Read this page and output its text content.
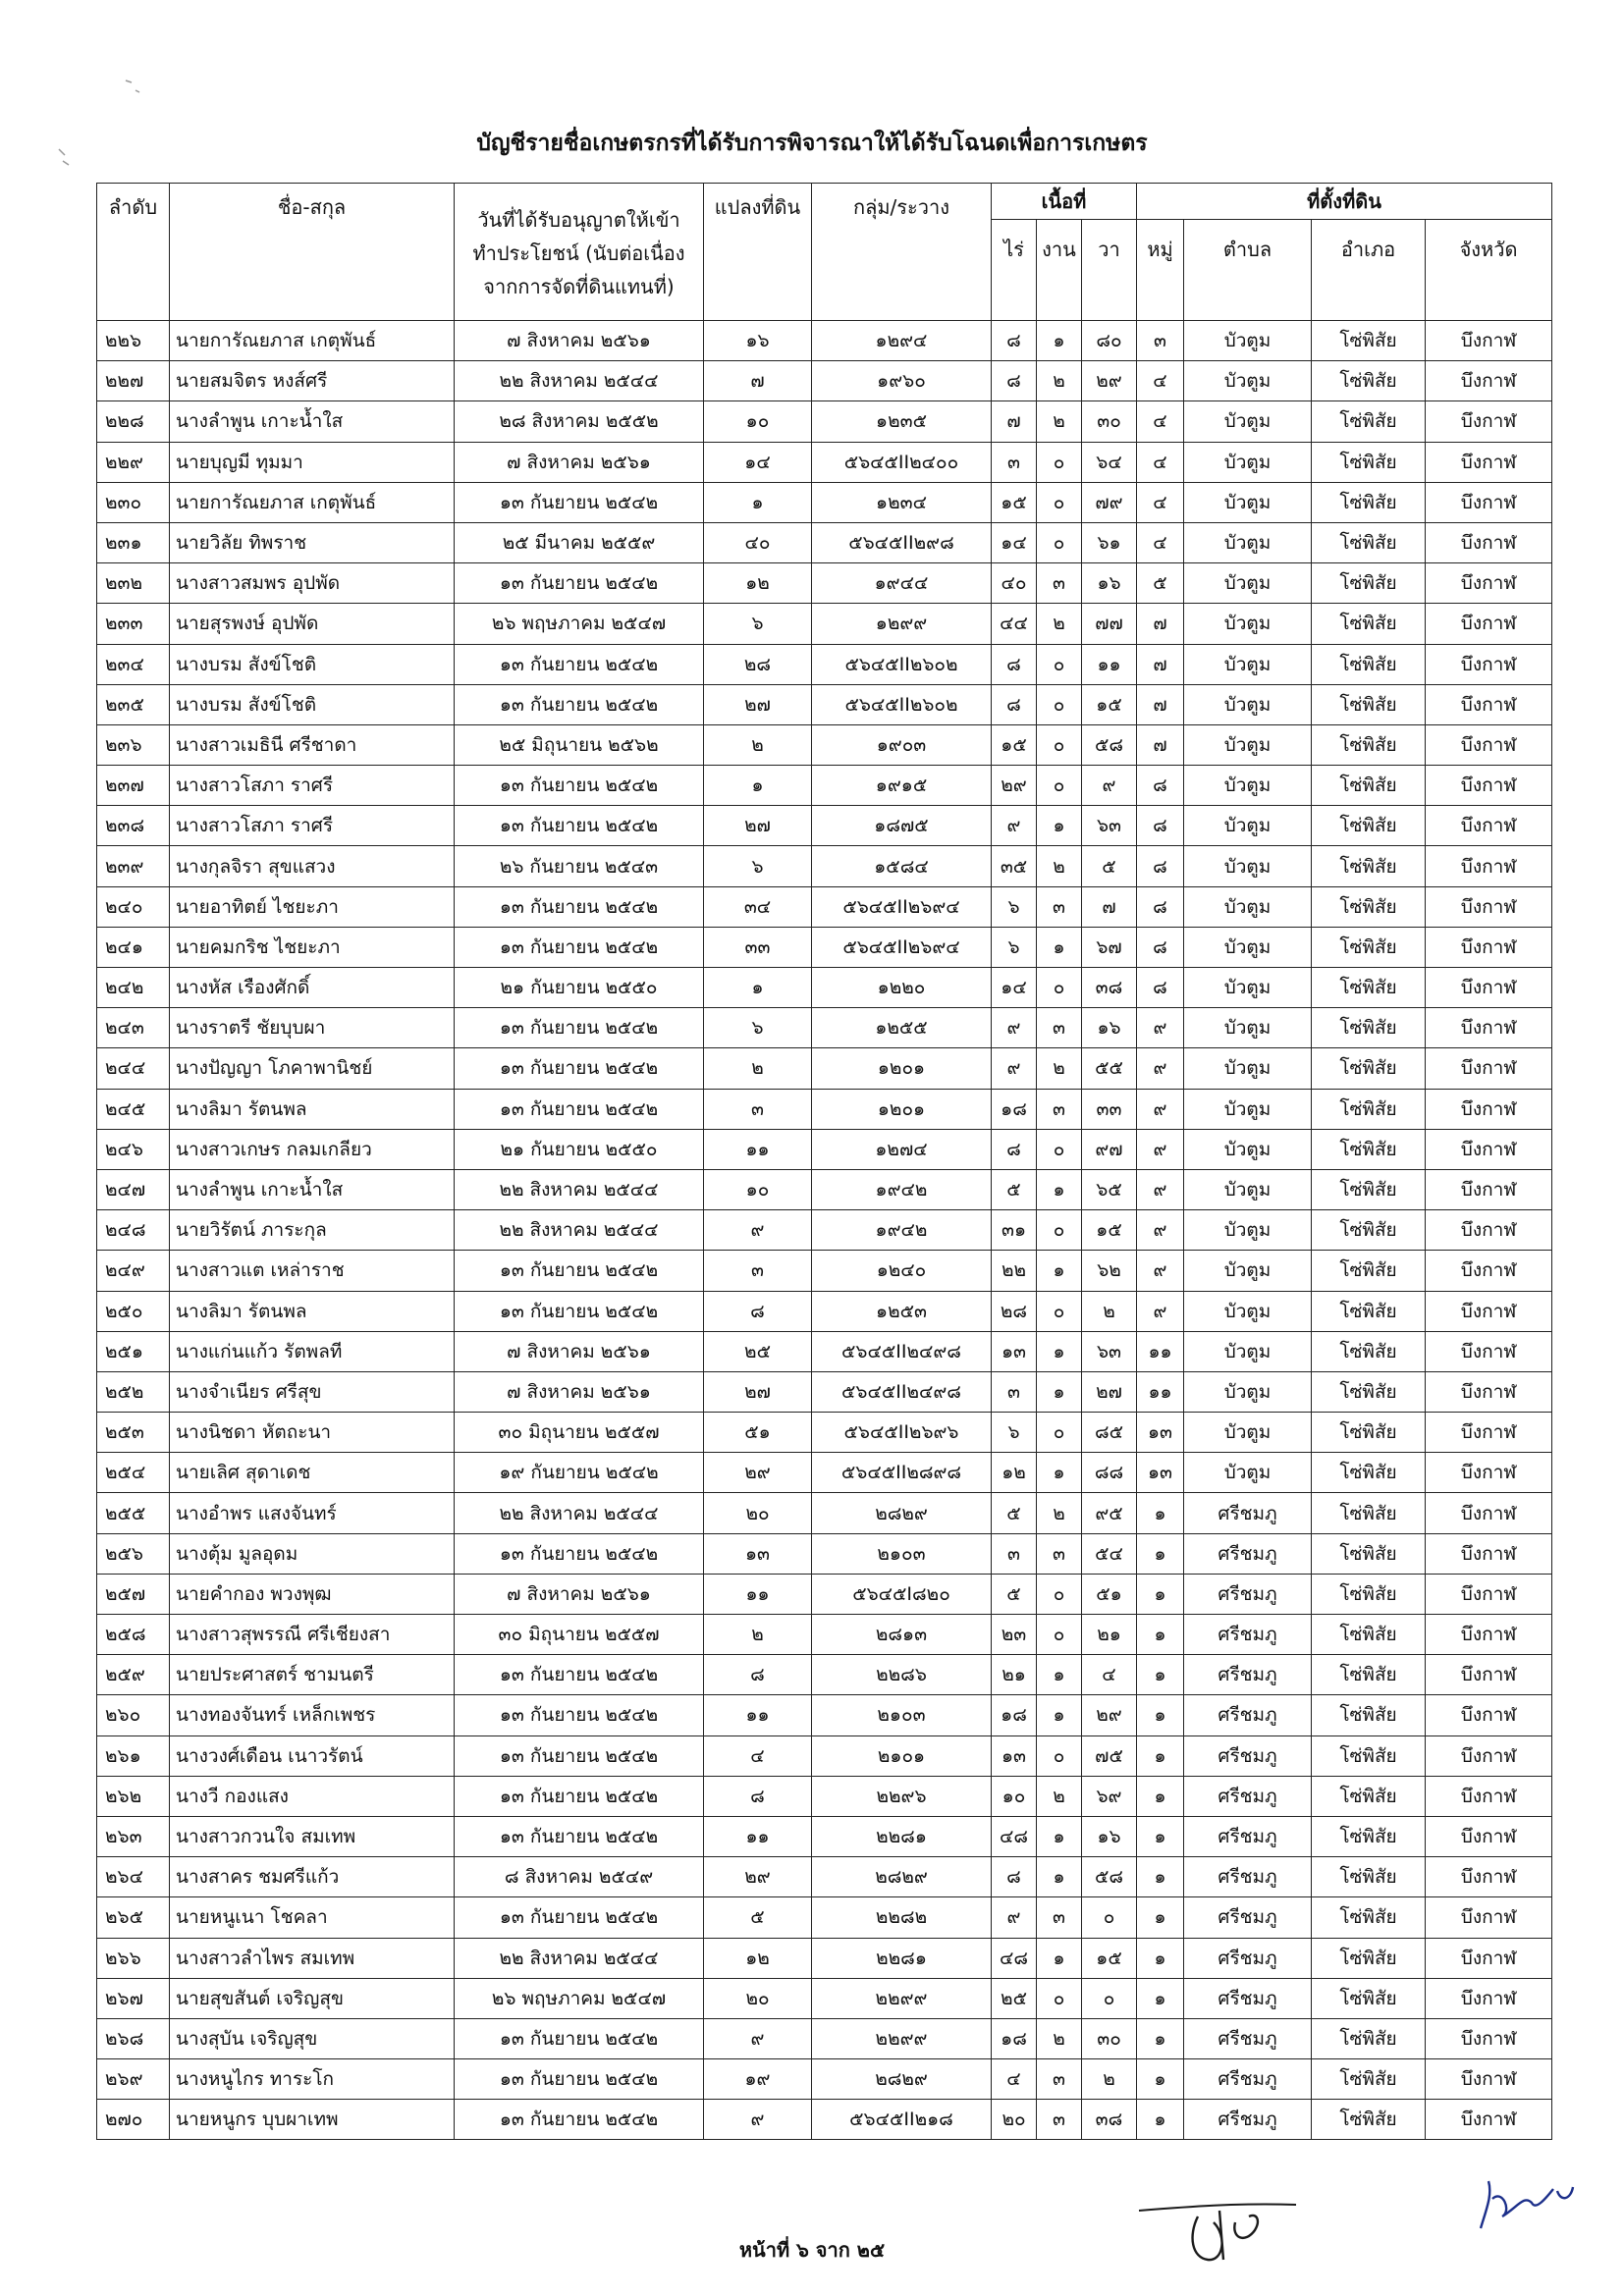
บัญชีรายชื่อเกษตรกรที่ได้รับการพิจารณาให้ได้รับโฉนดเพื่อการเกษตร
ลำดับ	ชื่อ-สกุล	วันที่ได้รับอนุญาตให้เข้า
ทำประโยชน์ (นับต่อเนื่อง
จากการจัดที่ดินแทนที่)	แปลงที่ดิน	กลุ่ม/ระวาง	เนื้อที่			ที่ตั้งที่ดิน			
					ไร่	งาน	วา	หมู่	ตำบล	อำเภอ	จังหวัด
๒๒๖	นายการัณยภาส เกตุพันธ์	๗ สิงหาคม ๒๕๖๑	๑๖	๑๒๙๔	๘	๑	๘๐	๓	บัวตูม	โซ่พิสัย	บึงกาฬ
๒๒๗	นายสมจิตร หงส์ศรี	๒๒ สิงหาคม ๒๕๔๔	๗	๑๙๖๐	๘	๒	๒๙	๔	บัวตูม	โซ่พิสัย	บึงกาฬ
๒๒๘	นางลำพูน เกาะน้ำใส	๒๘ สิงหาคม ๒๕๕๒	๑๐	๑๒๓๕	๗	๒	๓๐	๔	บัวตูม	โซ่พิสัย	บึงกาฬ
๒๒๙	นายบุญมี ทุมมา	๗ สิงหาคม ๒๕๖๑	๑๔	๕๖๔๕II๒๔๐๐	๓	๐	๖๔	๔	บัวตูม	โซ่พิสัย	บึงกาฬ
๒๓๐	นายการัณยภาส เกตุพันธ์	๑๓ กันยายน ๒๕๔๒	๑	๑๒๓๔	๑๕	๐	๗๙	๔	บัวตูม	โซ่พิสัย	บึงกาฬ
๒๓๑	นายวิลัย ทิพราช	๒๕ มีนาคม ๒๕๕๙	๔๐	๕๖๔๕II๒๙๘	๑๔	๐	๖๑	๔	บัวตูม	โซ่พิสัย	บึงกาฬ
๒๓๒	นางสาวสมพร อุปพัด	๑๓ กันยายน ๒๕๔๒	๑๒	๑๙๔๔	๔๐	๓	๑๖	๕	บัวตูม	โซ่พิสัย	บึงกาฬ
๒๓๓	นายสุรพงษ์ อุปพัด	๒๖ พฤษภาคม ๒๕๔๗	๖	๑๒๙๙	๔๔	๒	๗๗	๗	บัวตูม	โซ่พิสัย	บึงกาฬ
๒๓๔	นางบรม สังข์โชติ	๑๓ กันยายน ๒๕๔๒	๒๘	๕๖๔๕II๒๖๐๒	๘	๐	๑๑	๗	บัวตูม	โซ่พิสัย	บึงกาฬ
๒๓๕	นางบรม สังข์โชติ	๑๓ กันยายน ๒๕๔๒	๒๗	๕๖๔๕II๒๖๐๒	๘	๐	๑๕	๗	บัวตูม	โซ่พิสัย	บึงกาฬ
๒๓๖	นางสาวเมธินี ศรีชาดา	๒๕ มิถุนายน ๒๕๖๒	๒	๑๙๐๓	๑๕	๐	๕๘	๗	บัวตูม	โซ่พิสัย	บึงกาฬ
๒๓๗	นางสาวโสภา ราศรี	๑๓ กันยายน ๒๕๔๒	๑	๑๙๑๕	๒๙	๐	๙	๘	บัวตูม	โซ่พิสัย	บึงกาฬ
๒๓๘	นางสาวโสภา ราศรี	๑๓ กันยายน ๒๕๔๒	๒๗	๑๘๗๕	๙	๑	๖๓	๘	บัวตูม	โซ่พิสัย	บึงกาฬ
๒๓๙	นางกุลจิรา สุขแสวง	๒๖ กันยายน ๒๕๔๓	๖	๑๕๘๔	๓๕	๒	๕	๘	บัวตูม	โซ่พิสัย	บึงกาฬ
๒๔๐	นายอาทิตย์ ไชยะภา	๑๓ กันยายน ๒๕๔๒	๓๔	๕๖๔๕II๒๖๙๔	๖	๓	๗	๘	บัวตูม	โซ่พิสัย	บึงกาฬ
๒๔๑	นายคมกริช ไชยะภา	๑๓ กันยายน ๒๕๔๒	๓๓	๕๖๔๕II๒๖๙๔	๖	๑	๖๗	๘	บัวตูม	โซ่พิสัย	บึงกาฬ
๒๔๒	นางหัส เรืองศักดิ์	๒๑ กันยายน ๒๕๕๐	๑	๑๒๒๐	๑๔	๐	๓๘	๘	บัวตูม	โซ่พิสัย	บึงกาฬ
๒๔๓	นางราตรี ชัยบุบผา	๑๓ กันยายน ๒๕๔๒	๖	๑๒๕๕	๙	๓	๑๖	๙	บัวตูม	โซ่พิสัย	บึงกาฬ
๒๔๔	นางปัญญา โภคาพานิชย์	๑๓ กันยายน ๒๕๔๒	๒	๑๒๐๑	๙	๒	๕๕	๙	บัวตูม	โซ่พิสัย	บึงกาฬ
๒๔๕	นางลิมา รัตนพล	๑๓ กันยายน ๒๕๔๒	๓	๑๒๐๑	๑๘	๓	๓๓	๙	บัวตูม	โซ่พิสัย	บึงกาฬ
๒๔๖	นางสาวเกษร กลมเกลียว	๒๑ กันยายน ๒๕๕๐	๑๑	๑๒๗๔	๘	๐	๙๗	๙	บัวตูม	โซ่พิสัย	บึงกาฬ
๒๔๗	นางลำพูน เกาะน้ำใส	๒๒ สิงหาคม ๒๕๔๔	๑๐	๑๙๔๒	๕	๑	๖๕	๙	บัวตูม	โซ่พิสัย	บึงกาฬ
๒๔๘	นายวิรัตน์ ภาระกุล	๒๒ สิงหาคม ๒๕๔๔	๙	๑๙๔๒	๓๑	๐	๑๕	๙	บัวตูม	โซ่พิสัย	บึงกาฬ
๒๔๙	นางสาวแต เหล่าราช	๑๓ กันยายน ๒๕๔๒	๓	๑๒๔๐	๒๒	๑	๖๒	๙	บัวตูม	โซ่พิสัย	บึงกาฬ
๒๕๐	นางลิมา รัตนพล	๑๓ กันยายน ๒๕๔๒	๘	๑๒๕๓	๒๘	๐	๒	๙	บัวตูม	โซ่พิสัย	บึงกาฬ
๒๕๑	นางแก่นแก้ว รัตพลที	๗ สิงหาคม ๒๕๖๑	๒๕	๕๖๔๕II๒๔๙๘	๑๓	๑	๖๓	๑๑	บัวตูม	โซ่พิสัย	บึงกาฬ
๒๕๒	นางจำเนียร ศรีสุข	๗ สิงหาคม ๒๕๖๑	๒๗	๕๖๔๕II๒๔๙๘	๓	๑	๒๗	๑๑	บัวตูม	โซ่พิสัย	บึงกาฬ
๒๕๓	นางนิชดา หัตถะนา	๓๐ มิถุนายน ๒๕๕๗	๕๑	๕๖๔๕II๒๖๙๖	๖	๐	๘๕	๑๓	บัวตูม	โซ่พิสัย	บึงกาฬ
๒๕๔	นายเลิศ สุดาเดช	๑๙ กันยายน ๒๕๔๒	๒๙	๕๖๔๕II๒๘๙๘	๑๒	๑	๘๘	๑๓	บัวตูม	โซ่พิสัย	บึงกาฬ
๒๕๕	นางอำพร แสงจันทร์	๒๒ สิงหาคม ๒๕๔๔	๒๐	๒๘๒๙	๕	๒	๙๕	๑	ศรีชมภู	โซ่พิสัย	บึงกาฬ
๒๕๖	นางตุ้ม มูลอุดม	๑๓ กันยายน ๒๕๔๒	๑๓	๒๑๐๓	๓	๓	๕๔	๑	ศรีชมภู	โซ่พิสัย	บึงกาฬ
๒๕๗	นายคำกอง พวงพุฒ	๗ สิงหาคม ๒๕๖๑	๑๑	๕๖๔๕I๘๒๐	๕	๐	๕๑	๑	ศรีชมภู	โซ่พิสัย	บึงกาฬ
๒๕๘	นางสาวสุพรรณี ศรีเชียงสา	๓๐ มิถุนายน ๒๕๕๗	๒	๒๘๑๓	๒๓	๐	๒๑	๑	ศรีชมภู	โซ่พิสัย	บึงกาฬ
๒๕๙	นายประศาสตร์ ชามนตรี	๑๓ กันยายน ๒๕๔๒	๘	๒๒๘๖	๒๑	๑	๔	๑	ศรีชมภู	โซ่พิสัย	บึงกาฬ
๒๖๐	นางทองจันทร์ เหล็กเพชร	๑๓ กันยายน ๒๕๔๒	๑๑	๒๑๐๓	๑๘	๑	๒๙	๑	ศรีชมภู	โซ่พิสัย	บึงกาฬ
๒๖๑	นางวงศ์เดือน เนาวรัตน์	๑๓ กันยายน ๒๕๔๒	๔	๒๑๐๑	๑๓	๐	๗๕	๑	ศรีชมภู	โซ่พิสัย	บึงกาฬ
๒๖๒	นางวี กองแสง	๑๓ กันยายน ๒๕๔๒	๘	๒๒๙๖	๑๐	๒	๖๙	๑	ศรีชมภู	โซ่พิสัย	บึงกาฬ
๒๖๓	นางสาวกวนใจ สมเทพ	๑๓ กันยายน ๒๕๔๒	๑๑	๒๒๘๑	๔๘	๑	๑๖	๑	ศรีชมภู	โซ่พิสัย	บึงกาฬ
๒๖๔	นางสาคร ชมศรีแก้ว	๘ สิงหาคม ๒๕๔๙	๒๙	๒๘๒๙	๘	๑	๕๘	๑	ศรีชมภู	โซ่พิสัย	บึงกาฬ
๒๖๕	นายหนูเนา โชคลา	๑๓ กันยายน ๒๕๔๒	๕	๒๒๘๒	๙	๓	๐	๑	ศรีชมภู	โซ่พิสัย	บึงกาฬ
๒๖๖	นางสาวลำไพร สมเทพ	๒๒ สิงหาคม ๒๕๔๔	๑๒	๒๒๘๑	๔๘	๑	๑๕	๑	ศรีชมภู	โซ่พิสัย	บึงกาฬ
๒๖๗	นายสุขสันต์ เจริญสุข	๒๖ พฤษภาคม ๒๕๔๗	๒๐	๒๒๙๙	๒๕	๐	๐	๑	ศรีชมภู	โซ่พิสัย	บึงกาฬ
๒๖๘	นางสุบัน เจริญสุข	๑๓ กันยายน ๒๕๔๒	๙	๒๒๙๙	๑๘	๒	๓๐	๑	ศรีชมภู	โซ่พิสัย	บึงกาฬ
๒๖๙	นางหนูไกร ทาระโก	๑๓ กันยายน ๒๕๔๒	๑๙	๒๘๒๙	๔	๓	๒	๑	ศรีชมภู	โซ่พิสัย	บึงกาฬ
๒๗๐	นายหนูกร บุบผาเทพ	๑๓ กันยายน ๒๕๔๒	๙	๕๖๔๕II๒๑๘	๒๐	๓	๓๘	๑	ศรีชมภู	โซ่พิสัย	บึงกาฬ
หน้าที่ ๖ จาก ๒๕
